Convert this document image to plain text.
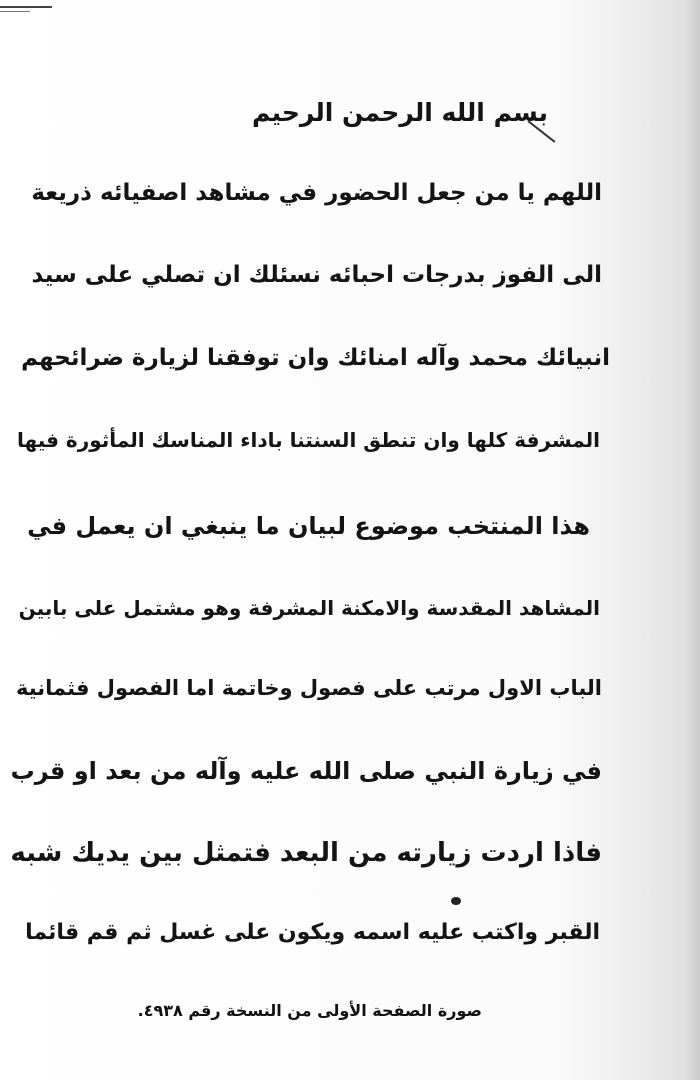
بسم الله الرحمن الرحيم
اللهم يا من جعل الحضور في مشاهد اصفيائه ذريعة
الى الفوز بدرجات احبائه نسئلك ان تصلي على سيد
انبيائك محمد وآله امنائك وان توفقنا لزيارة ضرائحهم
المشرفة كلها وان تنطق السنتنا باداء المناسك المأثورة فيها
هذا المنتخب موضوع لبيان ما ينبغي ان يعمل في
المشاهد المقدسة والامكنة المشرفة وهو مشتمل على بابين
الباب الاول مرتب على فصول وخاتمة اما الفصول فثمانية
في زيارة النبي صلى الله عليه وآله من بعد او قرب
فاذا اردت زيارته من البعد فتمثل بين يديك شبه
القبر واكتب عليه اسمه ويكون على غسل ثم قم قائما
صورة الصفحة الأولى من النسخة رقم ٤٩٣٨.
